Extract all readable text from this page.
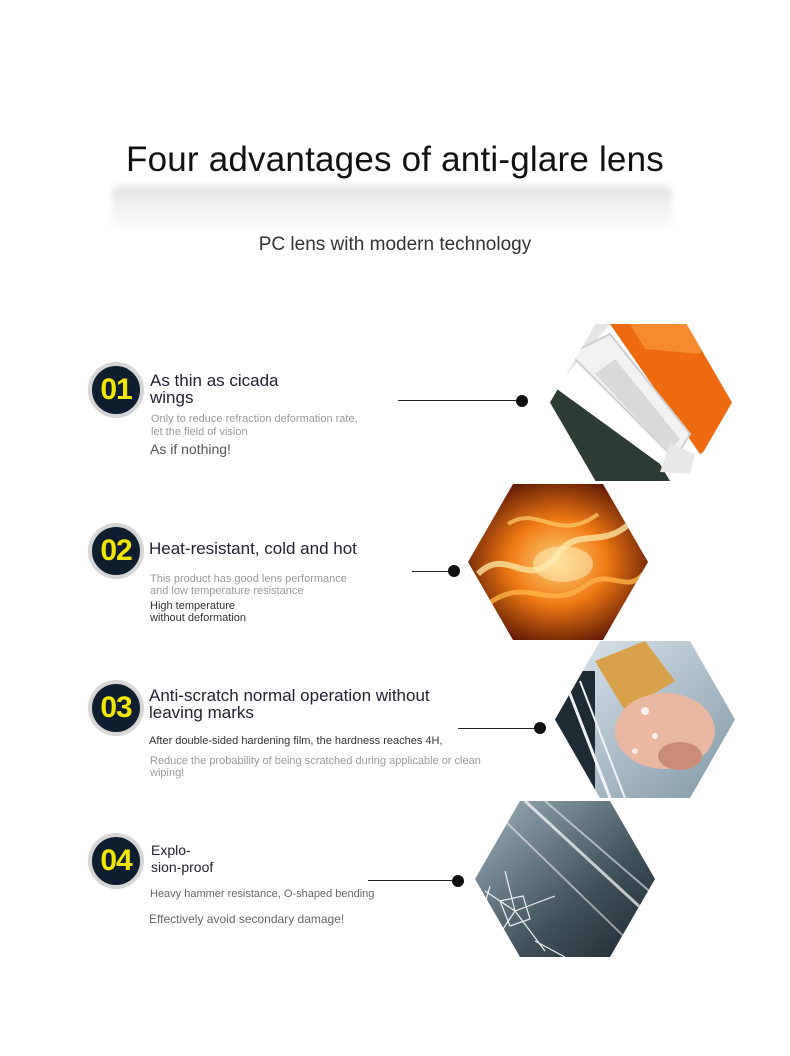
Four advantages of anti-glare lens
PC lens with modern technology
01	As thin as cicada
wings
Only to reduce refraction deformation rate,
let the field of vision
As if nothing!
02	Heat-resistant, cold and hot
This product has good lens performance
and low temperature resistance
High temperature
without deformation
03	Anti-scratch normal operation without
leaving marks
After double-sided hardening film, the hardness reaches 4H,
Reduce the probability of being scratched during applicable or clean
wiping!
04	Explo-
sion-proof
Heavy hammer resistance, O-shaped bending
Effectively avoid secondary damage!
